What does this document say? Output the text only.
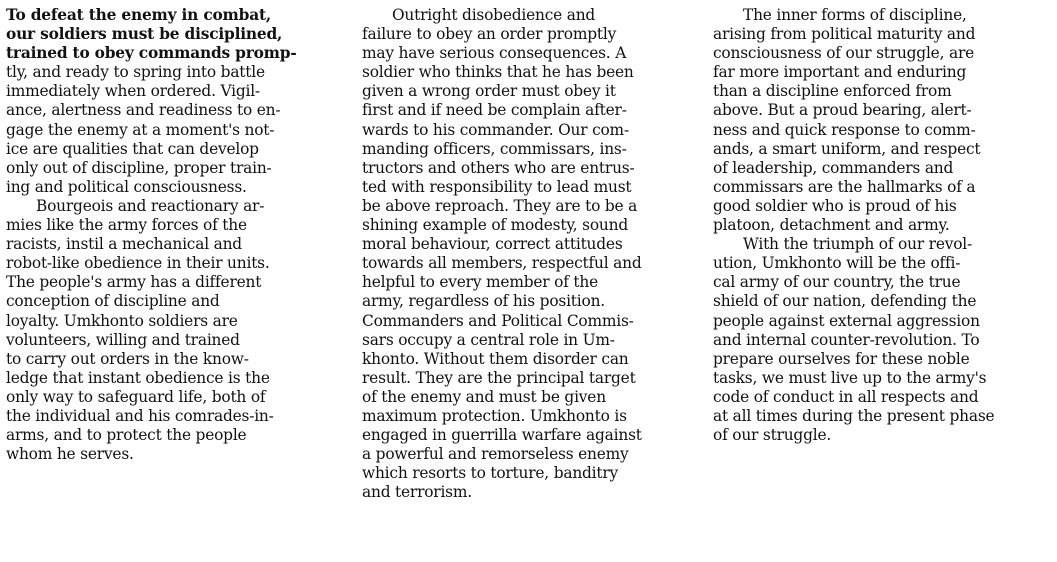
To defeat the enemy in combat,
our soldiers must be disciplined,
trained to obey commands promp-
tly, and ready to spring into battle
immediately when ordered. Vigil-
ance, alertness and readiness to en-
gage the enemy at a moment's not-
ice are qualities that can develop
only out of discipline, proper train-
ing and political consciousness.

Bourgeois and reactionary ar-
mies like the army forces of the
racists, instil a mechanical and
robot-like obedience in their units.
The people's army has a different
conception of discipline and
loyalty. Umkhonto soldiers are
volunteers, willing and trained
to carry out orders in the know-
ledge that instant obedience is the
only way to safeguard life, both of
the individual and his comrades-in-
arms, and to protect the people
whom he serves.

Outright disobedience and
failure to obey an order promptly
may have serious consequences. A
soldier who thinks that he has been
given a wrong order must obey it
first and if need be complain after-
wards to his commander. Our com-
manding officers, commissars, ins-
tructors and others who are entrus-
ted with responsibility to lead must
be above reproach. They are to be a
shining example of modesty, sound
moral behaviour, correct attitudes
towards all members, respectful and
helpful to every member of the
army, regardless of his position.
Commanders and Political Commis-
sars occupy a central role in Um-
khonto. Without them disorder can
result. They are the principal target
of the enemy and must be given
maximum protection. Umkhonto is
engaged in guerrilla warfare against
a powerful and remorseless enemy
which resorts to torture, banditry
and terrorism.

The inner forms of discipline,
arising from political maturity and
consciousness of our struggle, are
far more important and enduring
than a discipline enforced from
above. But a proud bearing, alert-
ness and quick response to comm-
ands, a smart uniform, and respect
of leadership, commanders and
commissars are the hallmarks of a
good soldier who is proud of his
platoon, detachment and army.

With the triumph of our revol-
ution, Umkhonto will be the offi-
cal army of our country, the true
shield of our nation, defending the
people against external aggression
and internal counter-revolution. To
prepare ourselves for these noble
tasks, we must live up to the army's
code of conduct in all respects and
at all times during the present phase
of our struggle.
